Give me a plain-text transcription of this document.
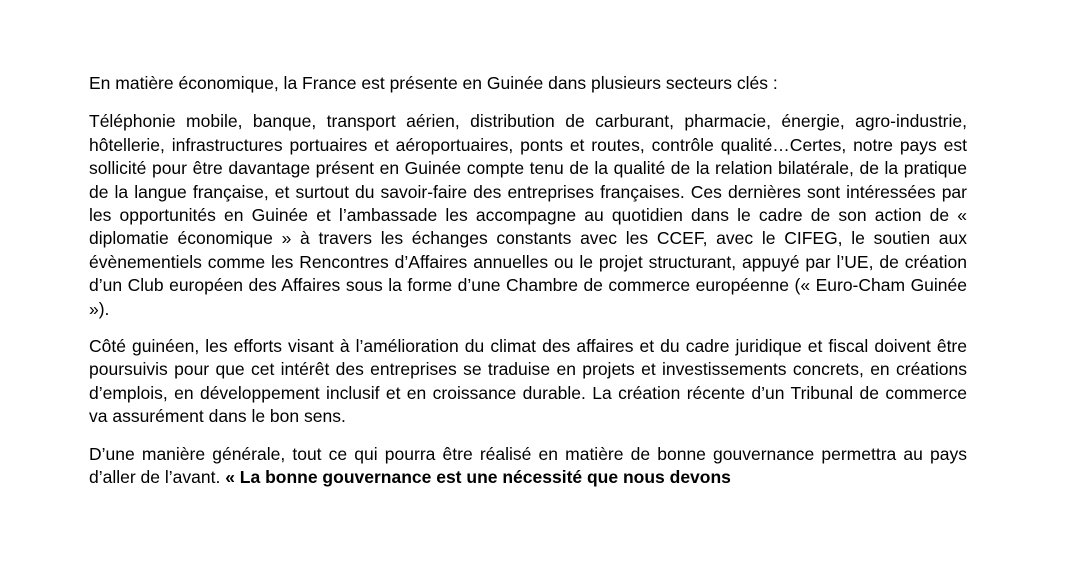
En matière économique, la France est présente en Guinée dans plusieurs secteurs clés :

Téléphonie mobile, banque, transport aérien, distribution de carburant, pharmacie, énergie, agro-industrie, hôtellerie, infrastructures portuaires et aéroportuaires, ponts et routes, contrôle qualité…Certes, notre pays est sollicité pour être davantage présent en Guinée compte tenu de la qualité de la relation bilatérale, de la pratique de la langue française, et surtout du savoir-faire des entreprises françaises. Ces dernières sont intéressées par les opportunités en Guinée et l’ambassade les accompagne au quotidien dans le cadre de son action de « diplomatie économique » à travers les échanges constants avec les CCEF, avec le CIFEG, le soutien aux évènementiels comme les Rencontres d’Affaires annuelles ou le projet structurant, appuyé par l’UE, de création d’un Club européen des Affaires sous la forme d’une Chambre de commerce européenne (« Euro-Cham Guinée »).

Côté guinéen, les efforts visant à l’amélioration du climat des affaires et du cadre juridique et fiscal doivent être poursuivis pour que cet intérêt des entreprises se traduise en projets et investissements concrets, en créations d’emplois, en développement inclusif et en croissance durable. La création récente d’un Tribunal de commerce va assurément dans le bon sens.

D’une manière générale, tout ce qui pourra être réalisé en matière de bonne gouvernance permettra au pays d’aller de l’avant. « La bonne gouvernance est une nécessité que nous devons
